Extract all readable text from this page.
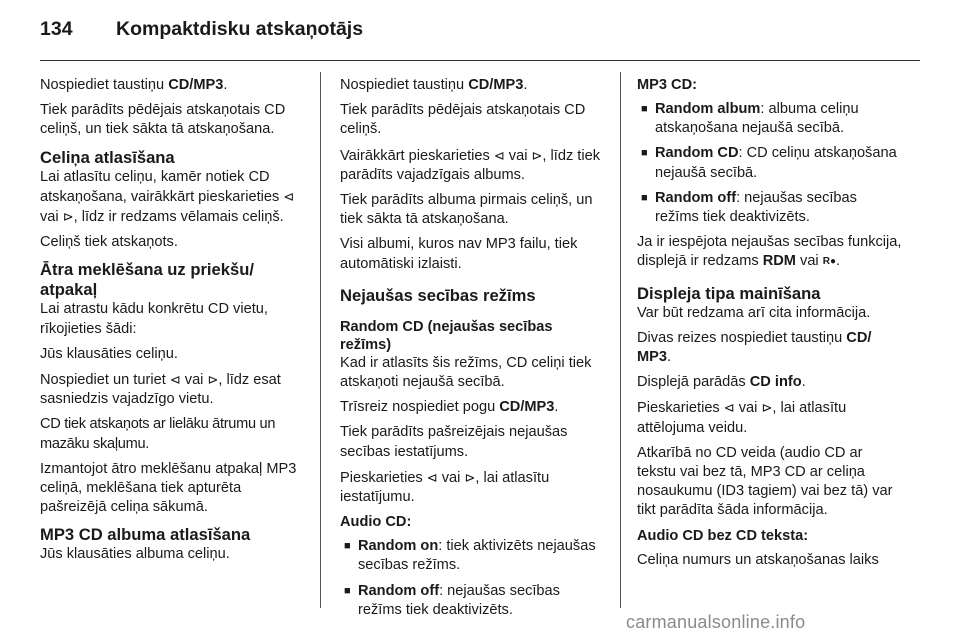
134 Kompaktdisku atskaņotājs

Nospiediet taustiņu CD/MP3.

Tiek parādīts pēdējais atskaņotais CD celiņš, un tiek sākta tā atskaņošana.

Celiņa atlasīšana

Lai atlasītu celiņu, kamēr notiek CD atskaņošana, vairākkārt pieskarieties ⊲ vai ⊳, līdz ir redzams vēlamais celiņš.

Celiņš tiek atskaņots.

Ātra meklēšana uz priekšu/ atpakaļ

Lai atrastu kādu konkrētu CD vietu, rīkojieties šādi:

Jūs klausāties celiņu.

Nospiediet un turiet ⊲ vai ⊳, līdz esat sasniedzis vajadzīgo vietu.

CD tiek atskaņots ar lielāku ātrumu un mazāku skaļumu.

Izmantojot ātro meklēšanu atpakaļ MP3 celiņā, meklēšana tiek apturēta pašreizējā celiņa sākumā.

MP3 CD albuma atlasīšana

Jūs klausāties albuma celiņu.

Nospiediet taustiņu CD/MP3.

Tiek parādīts pēdējais atskaņotais CD celiņš.

Vairākkārt pieskarieties ⊲ vai ⊳, līdz tiek parādīts vajadzīgais albums.

Tiek parādīts albuma pirmais celiņš, un tiek sākta tā atskaņošana.

Visi albumi, kuros nav MP3 failu, tiek automātiski izlaisti.

Nejaušas secības režīms
Random CD (nejaušas secības režīms)

Kad ir atlasīts šis režīms, CD celiņi tiek atskaņoti nejaušā secībā.

Trīsreiz nospiediet pogu CD/MP3.

Tiek parādīts pašreizējais nejaušas secības iestatījums.

Pieskarieties ⊲ vai ⊳, lai atlasītu iestatījumu.

Audio CD:
■ Random on: tiek aktivizēts nejaušas secības režīms.
■ Random off: nejaušas secības režīms tiek deaktivizēts.
MP3 CD:
■ Random album: albuma celiņu atskaņošana nejaušā secībā.
■ Random CD: CD celiņu atskaņošana nejaušā secībā.
■ Random off: nejaušas secības režīms tiek deaktivizēts.

Ja ir iespējota nejaušas secības funkcija, displejā ir redzams RDM vai R●.

Displeja tipa mainīšana

Var būt redzama arī cita informācija.

Divas reizes nospiediet taustiņu CD/ MP3.

Displejā parādās CD info.

Pieskarieties ⊲ vai ⊳, lai atlasītu attēlojuma veidu.

Atkarībā no CD veida (audio CD ar tekstu vai bez tā, MP3 CD ar celiņa nosaukumu (ID3 tagiem) vai bez tā) var tikt parādīta šāda informācija.

Audio CD bez CD teksta:

Celiņa numurs un atskaņošanas laiks

carmanualsonline.info
